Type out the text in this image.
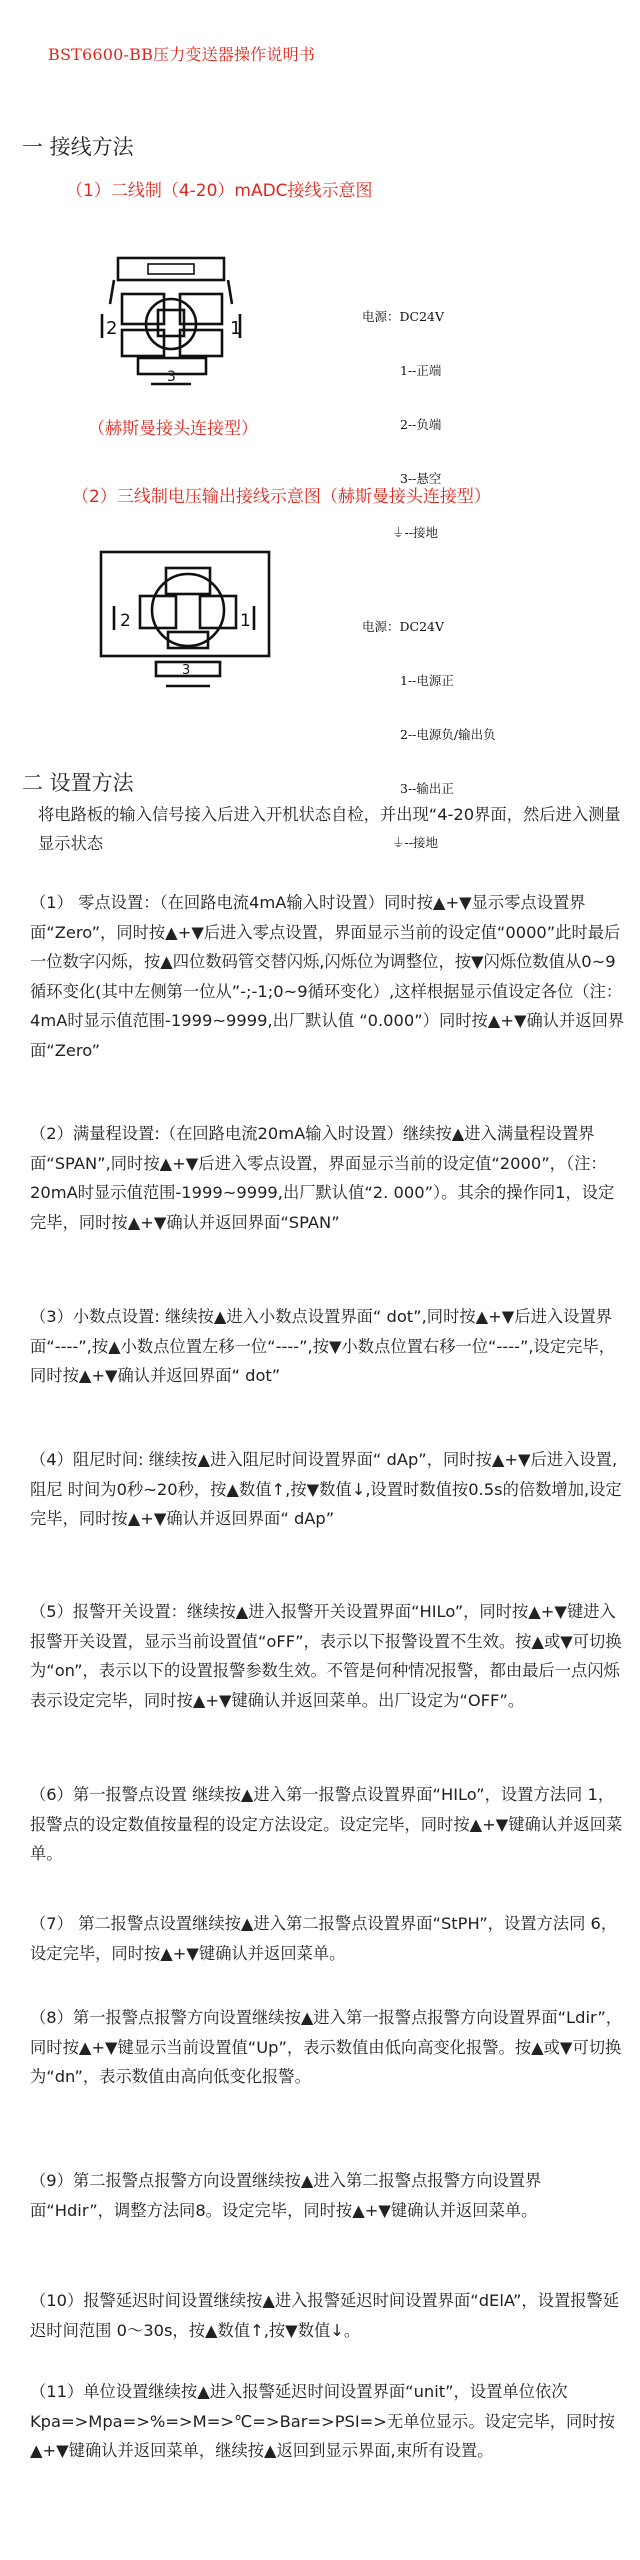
BST6600-BB压力变送器操作说明书
一 接线方法
（1）二线制（4-20）mADC接线示意图
2	1
3

电源：DC24V

1--正端

2--负端

3--悬空

⏚--接地

（赫斯曼接头连接型）
（2）三线制电压输出接线示意图（赫斯曼接头连接型）
2	1
3

电源：DC24V

1--电源正

2--电源负/输出负

3--输出正

⏚--接地

二 设置方法
将电路板的输入信号接入后进入开机状态自检，并出现“4-20界面，然后进入测量显示状态
（1） 零点设置：（在回路电流4mA输入时设置）同时按▲+▼显示零点设置界面“Zero”，同时按▲+▼后进入零点设置，界面显示当前的设定值“0000”此时最后一位数字闪烁，按▲四位数码管交替闪烁,闪烁位为调整位，按▼闪烁位数值从0~9循环变化(其中左侧第一位从”-;-1;0~9循环变化）,这样根据显示值设定各位（注：4mA时显示值范围-1999~9999,出厂默认值 “0.000”）同时按▲+▼确认并返回界面“Zero”
（2）满量程设置:（在回路电流20mA输入时设置）继续按▲进入满量程设置界面“SPAN”,同时按▲+▼后进入零点设置，界面显示当前的设定值“2000”，（注：20mA时显示值范围-1999~9999,出厂默认值“2. 000”）。其余的操作同1，设定完毕，同时按▲+▼确认并返回界面“SPAN”
（3）小数点设置: 继续按▲进入小数点设置界面“ dot”,同时按▲+▼后进入设置界面“----”,按▲小数点位置左移一位“----”,按▼小数点位置右移一位“----”,设定完毕，同时按▲+▼确认并返回界面“ dot”
（4）阻尼时间: 继续按▲进入阻尼时间设置界面“ dAp”，同时按▲+▼后进入设置,阻尼 时间为0秒~20秒，按▲数值↑,按▼数值↓,设置时数值按0.5s的倍数增加,设定完毕，同时按▲+▼确认并返回界面“ dAp”
（5）报警开关设置：继续按▲进入报警开关设置界面“HILo”，同时按▲+▼键进入报警开关设置，显示当前设置值“oFF”，表示以下报警设置不生效。按▲或▼可切换为“on”，表示以下的设置报警参数生效。不管是何种情况报警，都由最后一点闪烁表示设定完毕，同时按▲+▼键确认并返回菜单。出厂设定为“OFF”。
（6）第一报警点设置 继续按▲进入第一报警点设置界面“HILo”，设置方法同 1，报警点的设定数值按量程的设定方法设定。设定完毕，同时按▲+▼键确认并返回菜单。
（7） 第二报警点设置继续按▲进入第二报警点设置界面“StPH”，设置方法同 6，设定完毕，同时按▲+▼键确认并返回菜单。
（8）第一报警点报警方向设置继续按▲进入第一报警点报警方向设置界面“Ldir”，同时按▲+▼键显示当前设置值“Up”，表示数值由低向高变化报警。按▲或▼可切换为“dn”，表示数值由高向低变化报警。
（9）第二报警点报警方向设置继续按▲进入第二报警点报警方向设置界面“Hdir”，调整方法同8。设定完毕，同时按▲+▼键确认并返回菜单。
（10）报警延迟时间设置继续按▲进入报警延迟时间设置界面“dElA”，设置报警延迟时间范围 0～30s，按▲数值↑,按▼数值↓。
（11）单位设置继续按▲进入报警延迟时间设置界面“unit”，设置单位依次Kpa=>Mpa=>%=>M=>℃=>Bar=>PSI=>无单位显示。设定完毕，同时按▲+▼键确认并返回菜单，继续按▲返回到显示界面,束所有设置。
